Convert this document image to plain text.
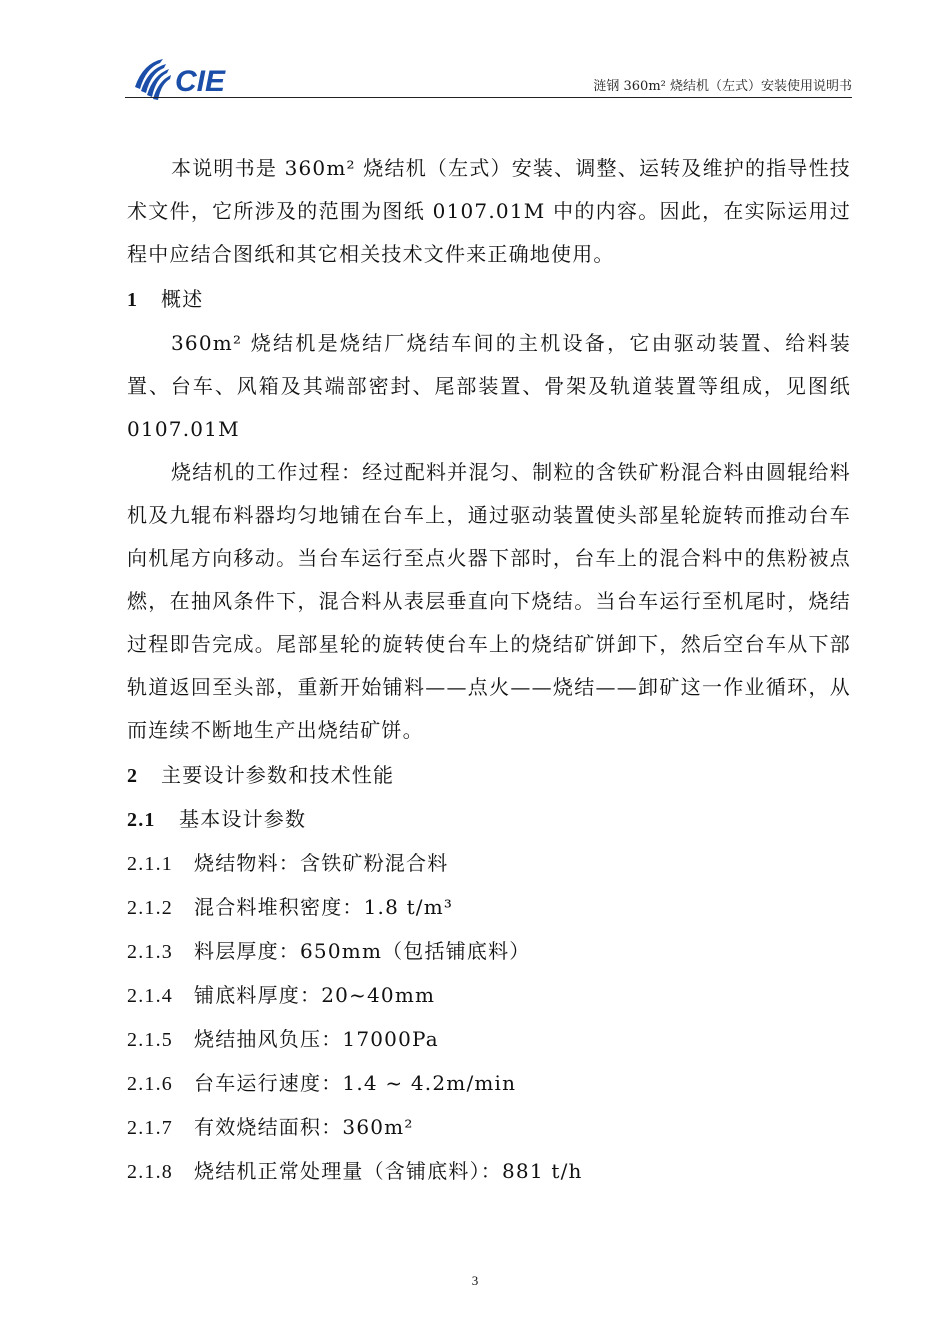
CIE	涟钢 360m² 烧结机（左式）安装使用说明书

本说明书是 360m² 烧结机（左式）安装、调整、运转及维护的指导性技术文件，它所涉及的范围为图纸 0107.01M 中的内容。因此，在实际运用过程中应结合图纸和其它相关技术文件来正确地使用。

1 概述

360m² 烧结机是烧结厂烧结车间的主机设备，它由驱动装置、给料装置、台车、风箱及其端部密封、尾部装置、骨架及轨道装置等组成，见图纸 0107.01M

烧结机的工作过程：经过配料并混匀、制粒的含铁矿粉混合料由圆辊给料机及九辊布料器均匀地铺在台车上，通过驱动装置使头部星轮旋转而推动台车向机尾方向移动。当台车运行至点火器下部时，台车上的混合料中的焦粉被点燃，在抽风条件下，混合料从表层垂直向下烧结。当台车运行至机尾时，烧结过程即告完成。尾部星轮的旋转使台车上的烧结矿饼卸下，然后空台车从下部轨道返回至头部，重新开始铺料——点火——烧结——卸矿这一作业循环，从而连续不断地生产出烧结矿饼。

2 主要设计参数和技术性能

2.1 基本设计参数

2.1.1 烧结物料：含铁矿粉混合料

2.1.2 混合料堆积密度：1.8 t/m³

2.1.3 料层厚度：650mm（包括铺底料）

2.1.4 铺底料厚度：20~40mm

2.1.5 烧结抽风负压：17000Pa

2.1.6 台车运行速度：1.4 ~ 4.2m/min

2.1.7 有效烧结面积：360m²

2.1.8 烧结机正常处理量（含铺底料）：881 t/h

3
